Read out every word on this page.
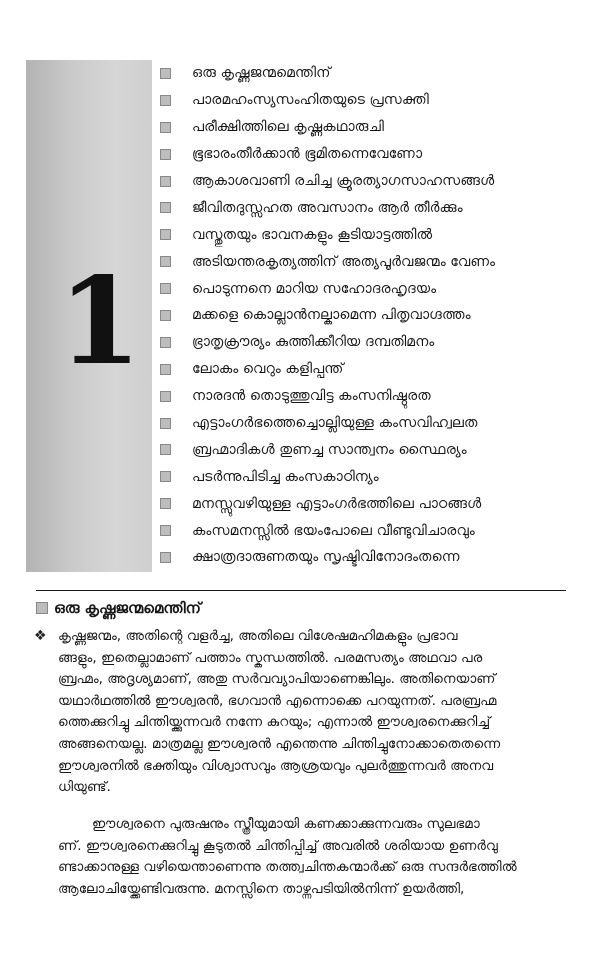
1
ഒരു കൃഷ്ണജന്മമെന്തിന്
പാരമഹംസ്യസംഹിതയുടെ പ്രസക്തി
പരീക്ഷിത്തിലെ കൃഷ്ണകഥാരുചി
ഭൂഭാരംതീർക്കാൻ ഭൂമിതന്നെവേണോ
ആകാശവാണി രചിച്ച ക്രൂരത്യാഗസാഹസങ്ങൾ
ജീവിതദുസ്സഹത അവസാനം ആർ തീർക്കും
വസ്തുതയും ഭാവനകളും കൂടിയാട്ടത്തിൽ
അടിയന്തരകൃത്യത്തിന് അത്യപൂർവജന്മം വേണം
പൊടുന്നനെ മാറിയ സഹോദരഹൃദയം
മക്കളെ കൊല്ലാൻനല്കാമെന്ന പിതൃവാഗ്ദത്തം
ഭ്രാതൃക്രൗര്യം കുത്തിക്കീറിയ ദമ്പതിമനം
ലോകം വെറും കളിപ്പന്ത്
നാരദൻ തൊടുത്തുവിട്ട കംസനിഷ്ഠുരത
എട്ടാംഗർഭത്തെച്ചൊല്ലിയുള്ള കംസവിഹ്വലത
ബ്രഹ്മാദികൾ തുണച്ച സാന്ത്വനം സ്ഥൈര്യം
പടർന്നുപിടിച്ച കംസകാഠിന്യം
മനസ്സുവഴിയുള്ള എട്ടാംഗർഭത്തിലെ പാഠങ്ങൾ
കംസമനസ്സിൽ ഭയംപോലെ വീണ്ടുവിചാരവും
ക്ഷാത്രദാരുണതയും സൃഷ്ടിവിനോദംതന്നെ
ഒരു കൃഷ്ണജന്മമെന്തിന്

❖ കൃഷ്ണജന്മം, അതിന്റെ വളർച്ച, അതിലെ വിശേഷമഹിമകളും പ്രഭാവ
ങ്ങളും, ഇതെല്ലാമാണ് പത്താം സ്കന്ധത്തിൽ. പരമസത്യം അഥവാ പര
ബ്രഹ്മം, അദൃശ്യമാണ്, അതു സർവവ്യാപിയാണെങ്കിലും. അതിനെയാണ്
യഥാർഥത്തിൽ ഈശ്വരൻ, ഭഗവാൻ എന്നൊക്കെ പറയുന്നത്. പരബ്രഹ്മ
ത്തെക്കുറിച്ചു ചിന്തിയ്ക്കുന്നവർ നന്നേ കുറയും; എന്നാൽ ഈശ്വരനെക്കുറിച്ച്
അങ്ങനെയല്ല. മാത്രമല്ല ഈശ്വരൻ എന്തെന്നു ചിന്തിച്ചുനോക്കാതെതന്നെ
ഈശ്വരനിൽ ഭക്തിയും വിശ്വാസവും ആശ്രയവും പുലർത്തുന്നവർ അനവ
ധിയുണ്ട്.

ഈശ്വരനെ പുരുഷനും സ്ത്രീയുമായി കണക്കാക്കുന്നവരും സുലഭമാ
ണ്. ഈശ്വരനെക്കുറിച്ചു കൂടുതൽ ചിന്തിപ്പിച്ച് അവരിൽ ശരിയായ ഉണർവു
ണ്ടാക്കാനുള്ള വഴിയെന്താണെന്നു തത്ത്വചിന്തകന്മാർക്ക് ഒരു സന്ദർഭത്തിൽ
ആലോചിയ്ക്കേണ്ടിവരുന്നു. മനസ്സിനെ താഴ്ന്നപടിയിൽനിന്ന് ഉയർത്തി,
